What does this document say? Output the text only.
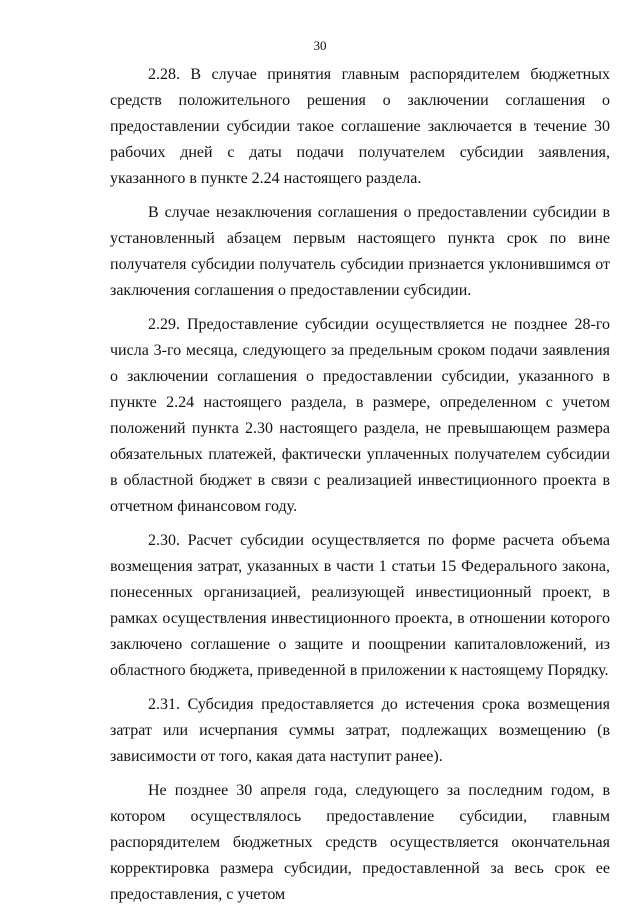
30

2.28. В случае принятия главным распорядителем бюджетных средств положительного решения о заключении соглашения о предоставлении субсидии такое соглашение заключается в течение 30 рабочих дней с даты подачи получателем субсидии заявления, указанного в пункте 2.24 настоящего раздела.

В случае незаключения соглашения о предоставлении субсидии в установленный абзацем первым настоящего пункта срок по вине получателя субсидии получатель субсидии признается уклонившимся от заключения соглашения о предоставлении субсидии.

2.29. Предоставление субсидии осуществляется не позднее 28-го числа 3-го месяца, следующего за предельным сроком подачи заявления о заключении соглашения о предоставлении субсидии, указанного в пункте 2.24 настоящего раздела, в размере, определенном с учетом положений пункта 2.30 настоящего раздела, не превышающем размера обязательных платежей, фактически уплаченных получателем субсидии в областной бюджет в связи с реализацией инвестиционного проекта в отчетном финансовом году.

2.30. Расчет субсидии осуществляется по форме расчета объема возмещения затрат, указанных в части 1 статьи 15 Федерального закона, понесенных организацией, реализующей инвестиционный проект, в рамках осуществления инвестиционного проекта, в отношении которого заключено соглашение о защите и поощрении капиталовложений, из областного бюджета, приведенной в приложении к настоящему Порядку.

2.31. Субсидия предоставляется до истечения срока возмещения затрат или исчерпания суммы затрат, подлежащих возмещению (в зависимости от того, какая дата наступит ранее).

Не позднее 30 апреля года, следующего за последним годом, в котором осуществлялось предоставление субсидии, главным распорядителем бюджетных средств осуществляется окончательная корректировка размера субсидии, предоставленной за весь срок ее предоставления, с учетом
